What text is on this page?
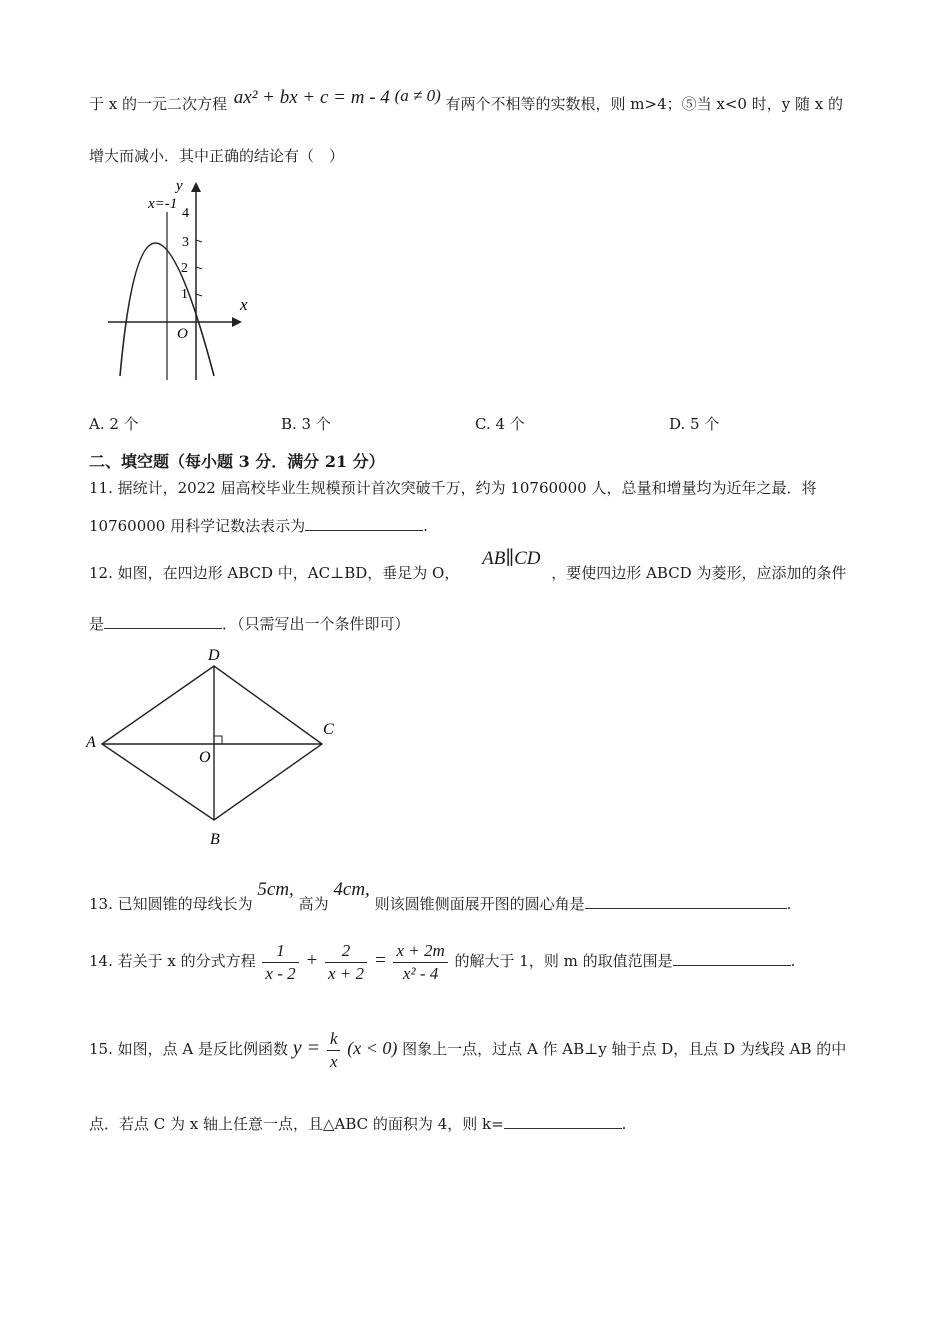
于 x 的一元二次方程 ax² + bx + c = m - 4 (a ≠ 0) 有两个不相等的实数根，则 m>4；⑤当 x<0 时，y 随 x 的
增大而减小．其中正确的结论有（　）
x=-1
y
4
3
2
1
x
O
A. 2 个	B. 3 个	C. 4 个	D. 5 个
二、填空题（每小题 3 分．满分 21 分）
11. 据统计，2022 届高校毕业生规模预计首次突破千万，约为 10760000 人，总量和增量均为近年之最．将
10760000 用科学记数法表示为	.
12. 如图，在四边形 ABCD 中，AC⊥BD，垂足为 O， AB∥CD ，要使四边形 ABCD 为菱形，应添加的条件
是	．（只需写出一个条件即可）
D
A
C
O
B
13. 已知圆锥的母线长为 5cm, 高为 4cm, 则该圆锥侧面展开图的圆心角是	.
14. 若关于 x 的分式方程 $\frac{1}{x - 2} + \frac{2}{x + 2} = \frac{x + 2m}{\text{x² - 4}}$ 的解大于 1，则 m 的取值范围是	.
15. 如图，点 A 是反比例函数 $y = \frac{k}{x} (x < 0)$ 图象上一点，过点 A 作 AB⊥y 轴于点 D，且点 D 为线段 AB 的中
点．若点 C 为 x 轴上任意一点，且△ABC 的面积为 4，则 k=	.
